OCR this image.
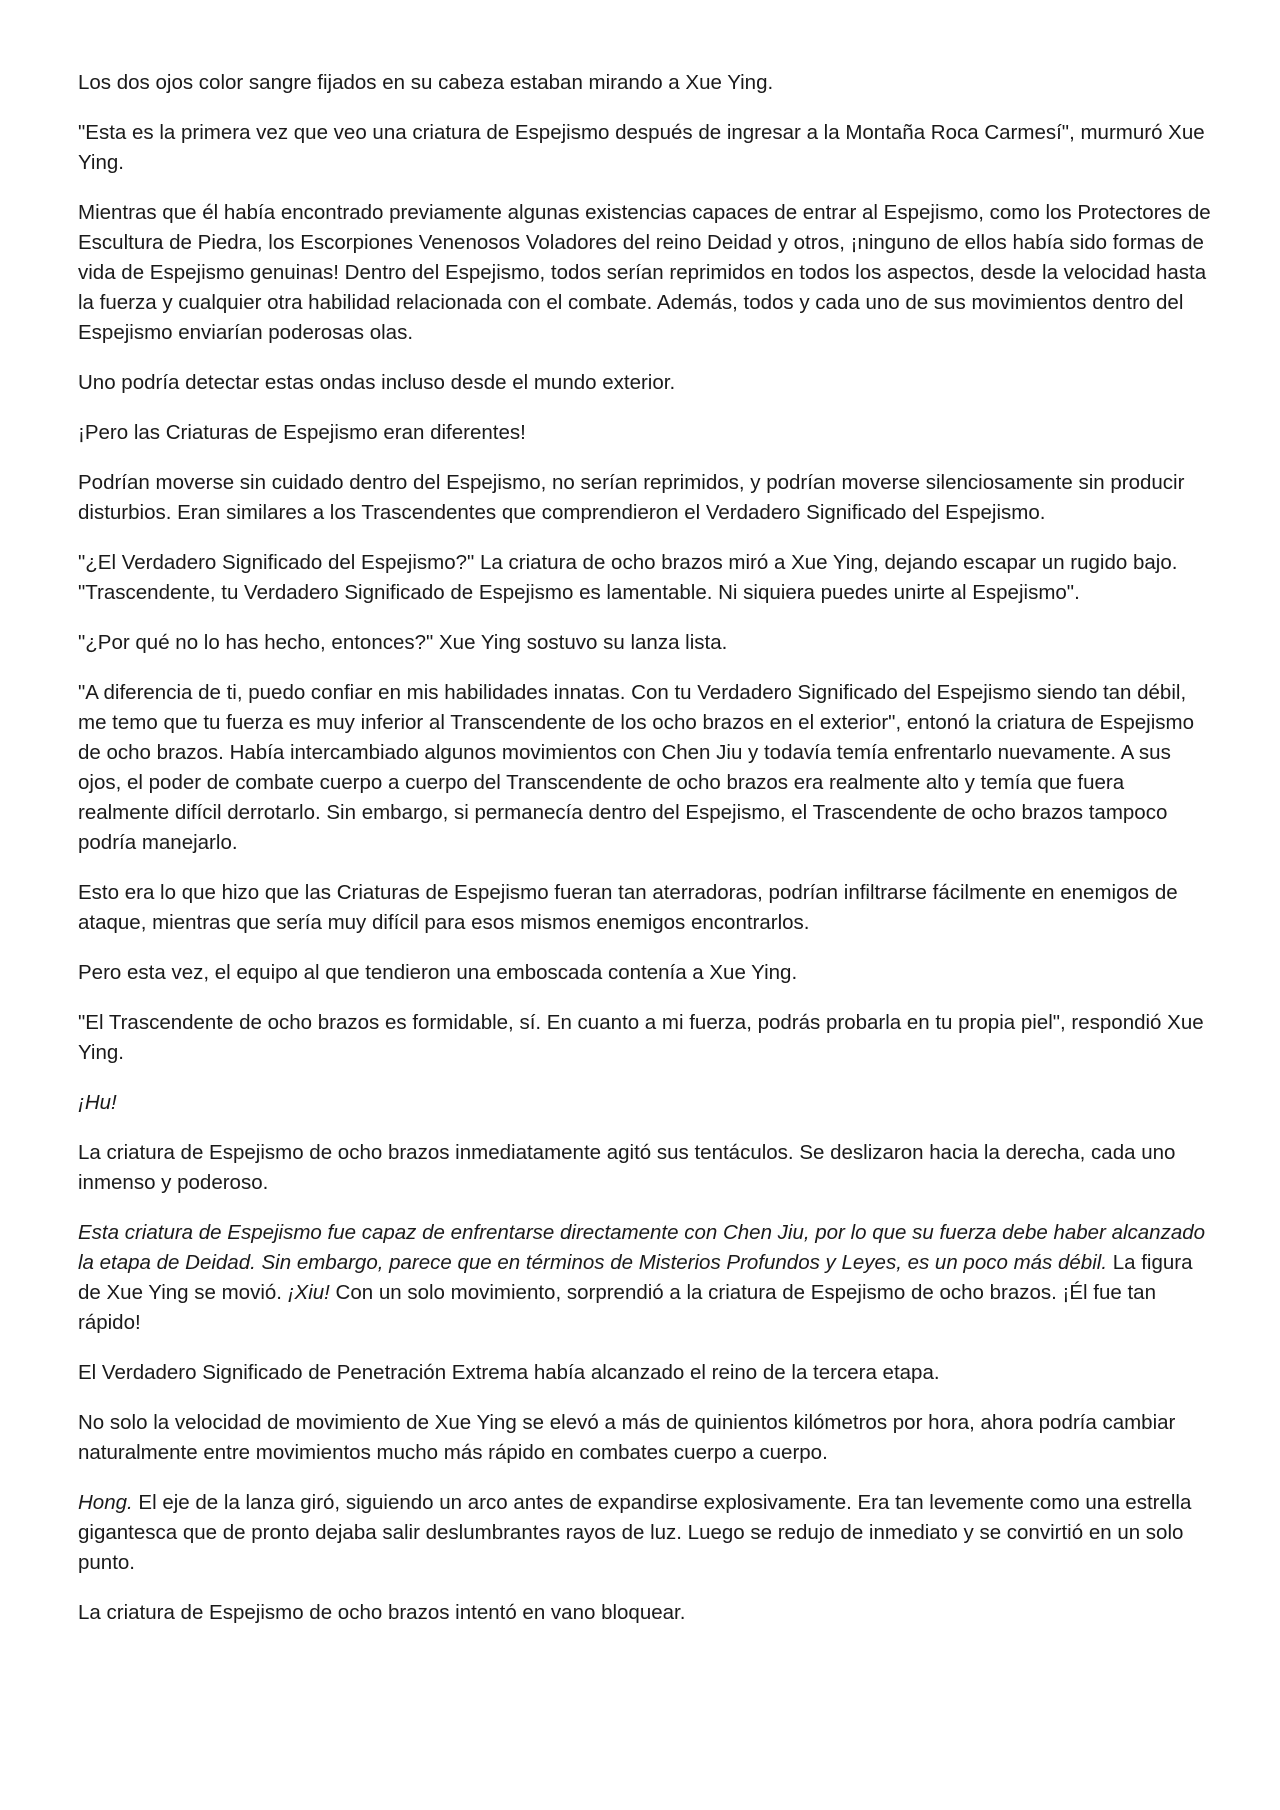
Los dos ojos color sangre fijados en su cabeza estaban mirando a Xue Ying.

"Esta es la primera vez que veo una criatura de Espejismo después de ingresar a la Montaña Roca Carmesí", murmuró Xue Ying.

Mientras que él había encontrado previamente algunas existencias capaces de entrar al Espejismo, como los Protectores de Escultura de Piedra, los Escorpiones Venenosos Voladores del reino Deidad y otros, ¡ninguno de ellos había sido formas de vida de Espejismo genuinas! Dentro del Espejismo, todos serían reprimidos en todos los aspectos, desde la velocidad hasta la fuerza y cualquier otra habilidad relacionada con el combate. Además, todos y cada uno de sus movimientos dentro del Espejismo enviarían poderosas olas.

Uno podría detectar estas ondas incluso desde el mundo exterior.

¡Pero las Criaturas de Espejismo eran diferentes!

Podrían moverse sin cuidado dentro del Espejismo, no serían reprimidos, y podrían moverse silenciosamente sin producir disturbios. Eran similares a los Trascendentes que comprendieron el Verdadero Significado del Espejismo.

"¿El Verdadero Significado del Espejismo?" La criatura de ocho brazos miró a Xue Ying, dejando escapar un rugido bajo. "Trascendente, tu Verdadero Significado de Espejismo es lamentable. Ni siquiera puedes unirte al Espejismo".

"¿Por qué no lo has hecho, entonces?" Xue Ying sostuvo su lanza lista.

"A diferencia de ti, puedo confiar en mis habilidades innatas. Con tu Verdadero Significado del Espejismo siendo tan débil, me temo que tu fuerza es muy inferior al Transcendente de los ocho brazos en el exterior", entonó la criatura de Espejismo de ocho brazos. Había intercambiado algunos movimientos con Chen Jiu y todavía temía enfrentarlo nuevamente. A sus ojos, el poder de combate cuerpo a cuerpo del Transcendente de ocho brazos era realmente alto y temía que fuera realmente difícil derrotarlo. Sin embargo, si permanecía dentro del Espejismo, el Trascendente de ocho brazos tampoco podría manejarlo.

Esto era lo que hizo que las Criaturas de Espejismo fueran tan aterradoras, podrían infiltrarse fácilmente en enemigos de ataque, mientras que sería muy difícil para esos mismos enemigos encontrarlos.

Pero esta vez, el equipo al que tendieron una emboscada contenía a Xue Ying.

"El Trascendente de ocho brazos es formidable, sí. En cuanto a mi fuerza, podrás probarla en tu propia piel", respondió Xue Ying.

¡Hu!

La criatura de Espejismo de ocho brazos inmediatamente agitó sus tentáculos. Se deslizaron hacia la derecha, cada uno inmenso y poderoso.

Esta criatura de Espejismo fue capaz de enfrentarse directamente con Chen Jiu, por lo que su fuerza debe haber alcanzado la etapa de Deidad. Sin embargo, parece que en términos de Misterios Profundos y Leyes, es un poco más débil. La figura de Xue Ying se movió. ¡Xiu! Con un solo movimiento, sorprendió a la criatura de Espejismo de ocho brazos. ¡Él fue tan rápido!

El Verdadero Significado de Penetración Extrema había alcanzado el reino de la tercera etapa.

No solo la velocidad de movimiento de Xue Ying se elevó a más de quinientos kilómetros por hora, ahora podría cambiar naturalmente entre movimientos mucho más rápido en combates cuerpo a cuerpo.

Hong. El eje de la lanza giró, siguiendo un arco antes de expandirse explosivamente. Era tan levemente como una estrella gigantesca que de pronto dejaba salir deslumbrantes rayos de luz. Luego se redujo de inmediato y se convirtió en un solo punto.

La criatura de Espejismo de ocho brazos intentó en vano bloquear.
